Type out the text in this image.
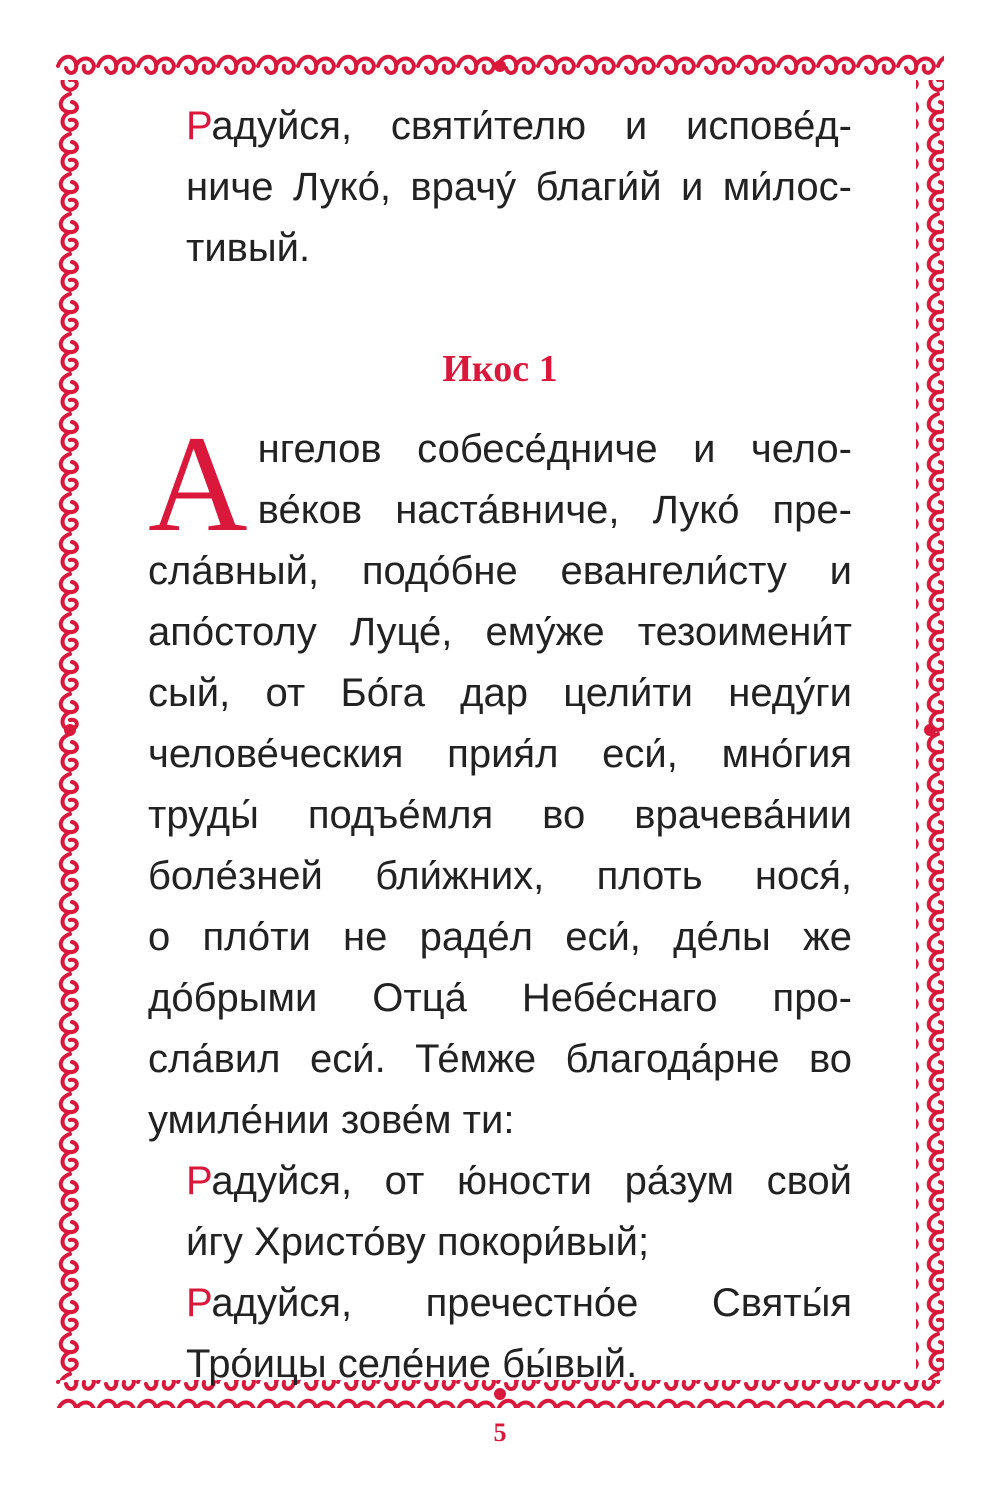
Радуйся, святи́телю и испове́д-
ниче Луко́, врачу́ благи́й и ми́лос-
тивый.

Икос 1
А нгелов собесе́дниче и чело-
ве́ков наста́вниче, Луко́ пре-
сла́вный, подо́бне евангели́сту и
апо́столу Луце́, ему́же тезоимени́т
сый, от Бо́га дар цели́ти неду́ги
челове́ческия прия́л еси́, мно́гия
труды́ подъе́мля во врачева́нии
боле́зней бли́жних, плоть нося́,
о пло́ти не раде́л еси́, де́лы же
до́брыми Отца́ Небе́снаго про-
сла́вил еси́. Те́мже благода́рне во
умиле́нии зове́м ти:

Радуйся, от ю́ности ра́зум свой
и́гу Христо́ву покори́вый;

Радуйся, пречестно́е Святы́я
Тро́ицы селе́ние бы́вый.

5
